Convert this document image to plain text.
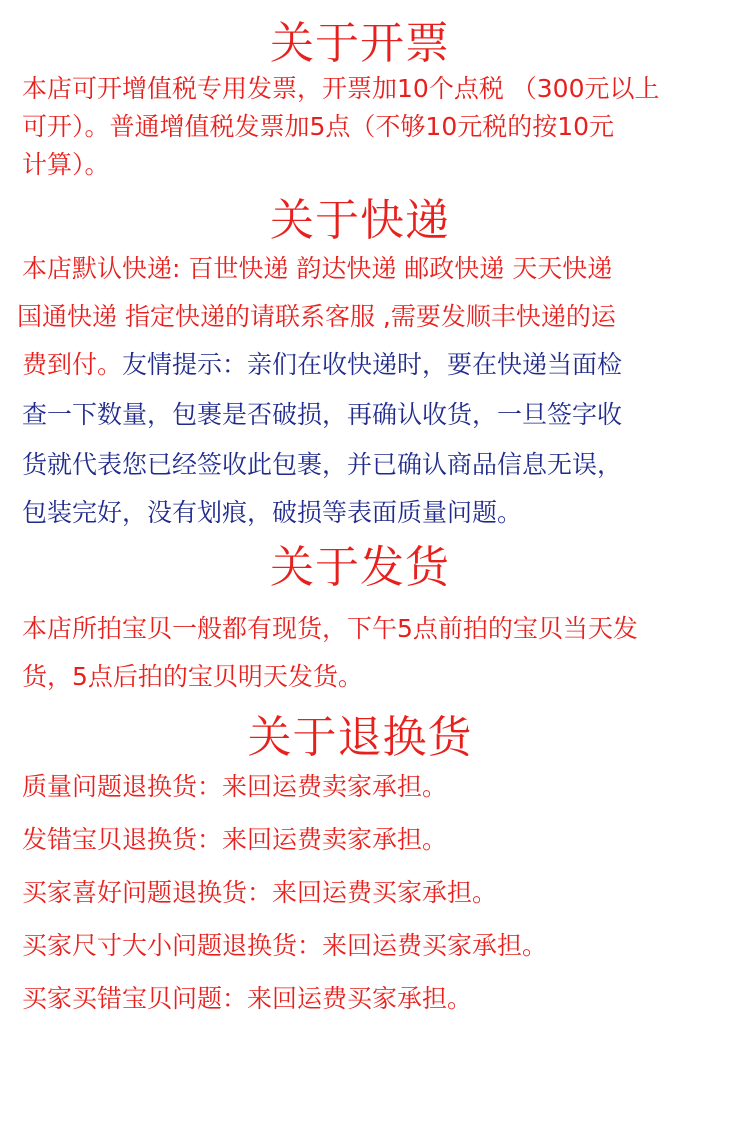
关于开票
本店可开增值税专用发票，开票加10个点税 （300元以上
可开）。普通增值税发票加5点（不够10元税的按10元
计算）。
关于快递
本店默认快递: 百世快递 韵达快递 邮政快递 天天快递
国通快递 指定快递的请联系客服 ,需要发顺丰快递的运
费到付。友情提示：亲们在收快递时，要在快递当面检
查一下数量，包裹是否破损，再确认收货，一旦签字收
货就代表您已经签收此包裹，并已确认商品信息无误，
包装完好，没有划痕，破损等表面质量问题。
关于发货
本店所拍宝贝一般都有现货，下午5点前拍的宝贝当天发
货，5点后拍的宝贝明天发货。
关于退换货
质量问题退换货：来回运费卖家承担。
发错宝贝退换货：来回运费卖家承担。
买家喜好问题退换货：来回运费买家承担。
买家尺寸大小问题退换货：来回运费买家承担。
买家买错宝贝问题：来回运费买家承担。
